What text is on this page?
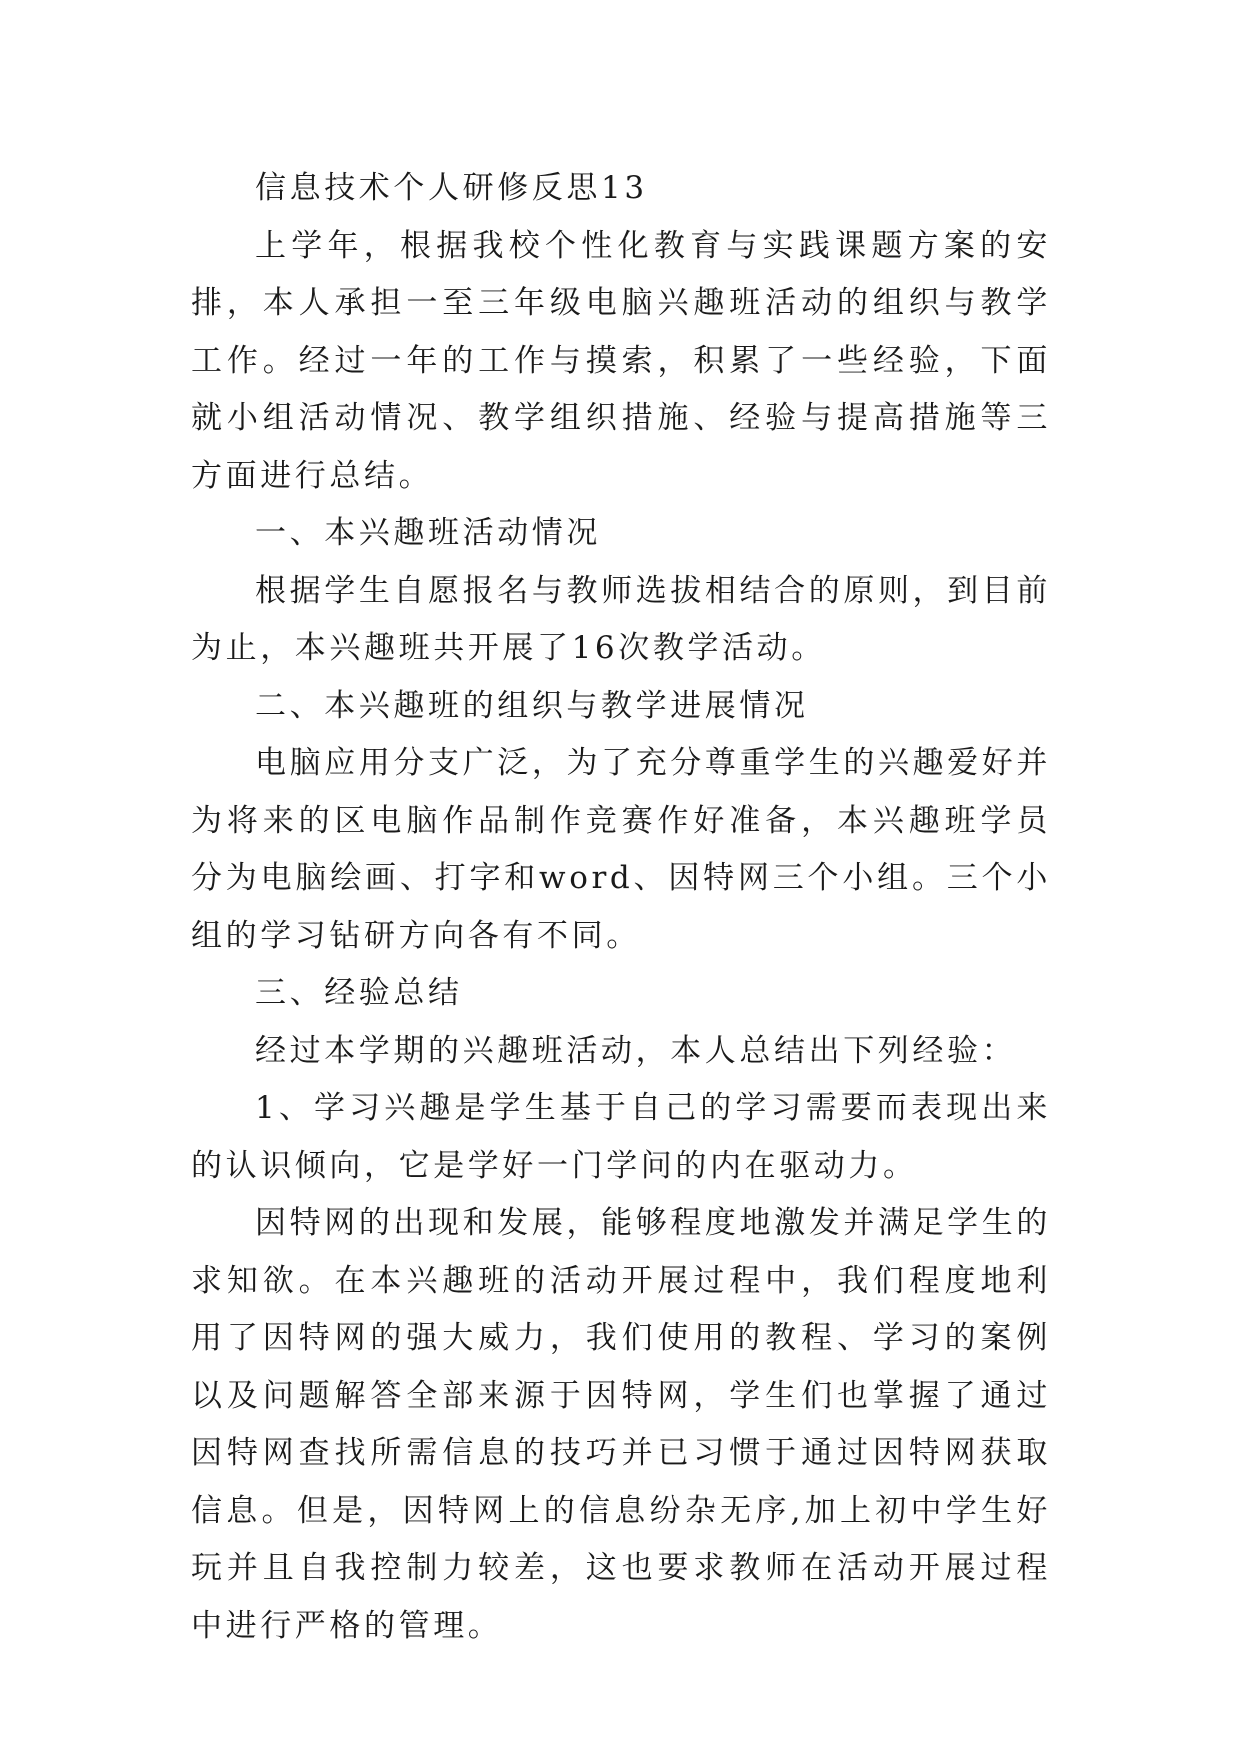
信息技术个人研修反思13

上学年，根据我校个性化教育与实践课题方案的安排，本人承担一至三年级电脑兴趣班活动的组织与教学工作。经过一年的工作与摸索，积累了一些经验，下面就小组活动情况、教学组织措施、经验与提高措施等三方面进行总结。

一、本兴趣班活动情况

根据学生自愿报名与教师选拔相结合的原则，到目前为止，本兴趣班共开展了16次教学活动。

二、本兴趣班的组织与教学进展情况

电脑应用分支广泛，为了充分尊重学生的兴趣爱好并为将来的区电脑作品制作竞赛作好准备，本兴趣班学员分为电脑绘画、打字和word、因特网三个小组。三个小组的学习钻研方向各有不同。

三、经验总结

经过本学期的兴趣班活动，本人总结出下列经验：

1、学习兴趣是学生基于自己的学习需要而表现出来的认识倾向，它是学好一门学问的内在驱动力。

因特网的出现和发展，能够程度地激发并满足学生的求知欲。在本兴趣班的活动开展过程中，我们程度地利用了因特网的强大威力，我们使用的教程、学习的案例以及问题解答全部来源于因特网，学生们也掌握了通过因特网查找所需信息的技巧并已习惯于通过因特网获取信息。但是，因特网上的信息纷杂无序,加上初中学生好玩并且自我控制力较差，这也要求教师在活动开展过程中进行严格的管理。
